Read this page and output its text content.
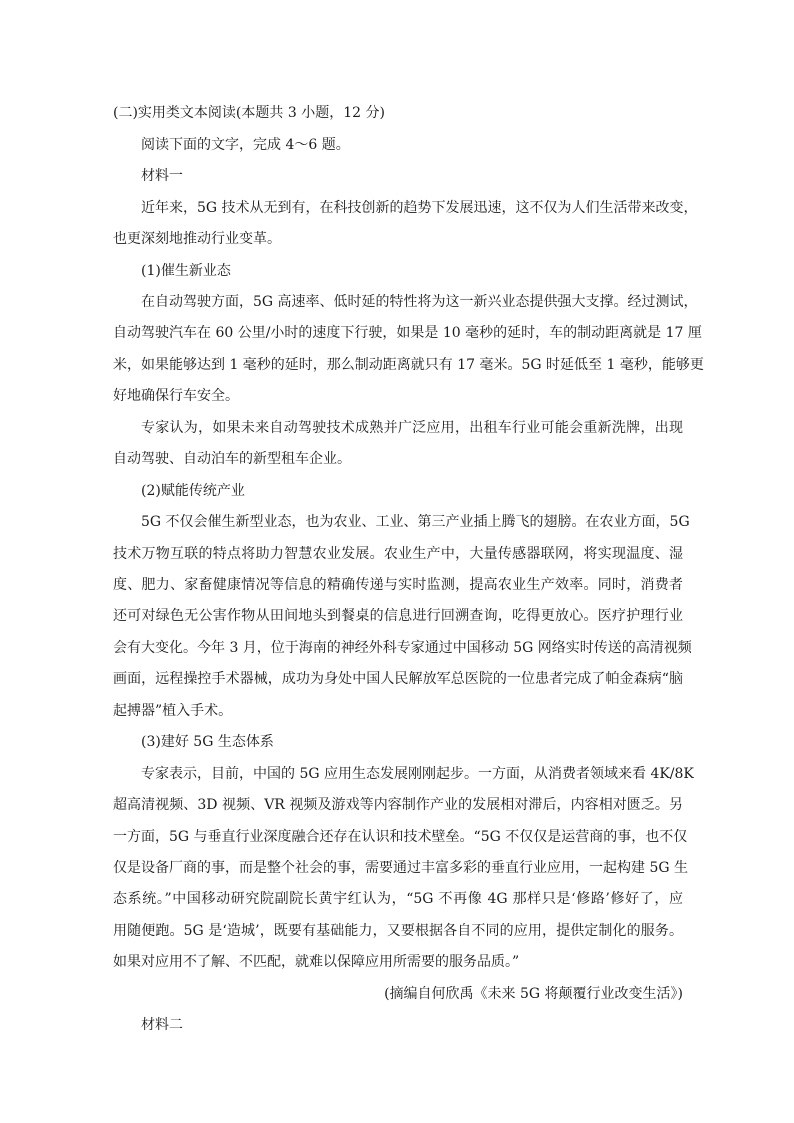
(二)实用类文本阅读(本题共 3 小题，12 分)
阅读下面的文字，完成 4～6 题。
材料一
近年来，5G 技术从无到有，在科技创新的趋势下发展迅速，这不仅为人们生活带来改变，
也更深刻地推动行业变革。
(1)催生新业态
在自动驾驶方面，5G 高速率、低时延的特性将为这一新兴业态提供强大支撑。经过测试，
自动驾驶汽车在 60 公里/小时的速度下行驶，如果是 10 毫秒的延时，车的制动距离就是 17 厘
米，如果能够达到 1 毫秒的延时，那么制动距离就只有 17 毫米。5G 时延低至 1 毫秒，能够更
好地确保行车安全。
专家认为，如果未来自动驾驶技术成熟并广泛应用，出租车行业可能会重新洗牌，出现
自动驾驶、自动泊车的新型租车企业。
(2)赋能传统产业
5G 不仅会催生新型业态，也为农业、工业、第三产业插上腾飞的翅膀。在农业方面，5G
技术万物互联的特点将助力智慧农业发展。农业生产中，大量传感器联网，将实现温度、湿
度、肥力、家畜健康情况等信息的精确传递与实时监测，提高农业生产效率。同时，消费者
还可对绿色无公害作物从田间地头到餐桌的信息进行回溯查询，吃得更放心。医疗护理行业
会有大变化。今年 3 月，位于海南的神经外科专家通过中国移动 5G 网络实时传送的高清视频
画面，远程操控手术器械，成功为身处中国人民解放军总医院的一位患者完成了帕金森病“脑
起搏器”植入手术。
(3)建好 5G 生态体系
专家表示，目前，中国的 5G 应用生态发展刚刚起步。一方面，从消费者领域来看 4K/8K
超高清视频、3D 视频、VR 视频及游戏等内容制作产业的发展相对滞后，内容相对匮乏。另
一方面，5G 与垂直行业深度融合还存在认识和技术壁垒。“5G 不仅仅是运营商的事，也不仅
仅是设备厂商的事，而是整个社会的事，需要通过丰富多彩的垂直行业应用，一起构建 5G 生
态系统。”中国移动研究院副院长黄宇红认为，“5G 不再像 4G 那样只是‘修路’修好了，应
用随便跑。5G 是‘造城’，既要有基础能力，又要根据各自不同的应用，提供定制化的服务。
如果对应用不了解、不匹配，就难以保障应用所需要的服务品质。”
(摘编自何欣禹《未来 5G 将颠覆行业改变生活》)
材料二
